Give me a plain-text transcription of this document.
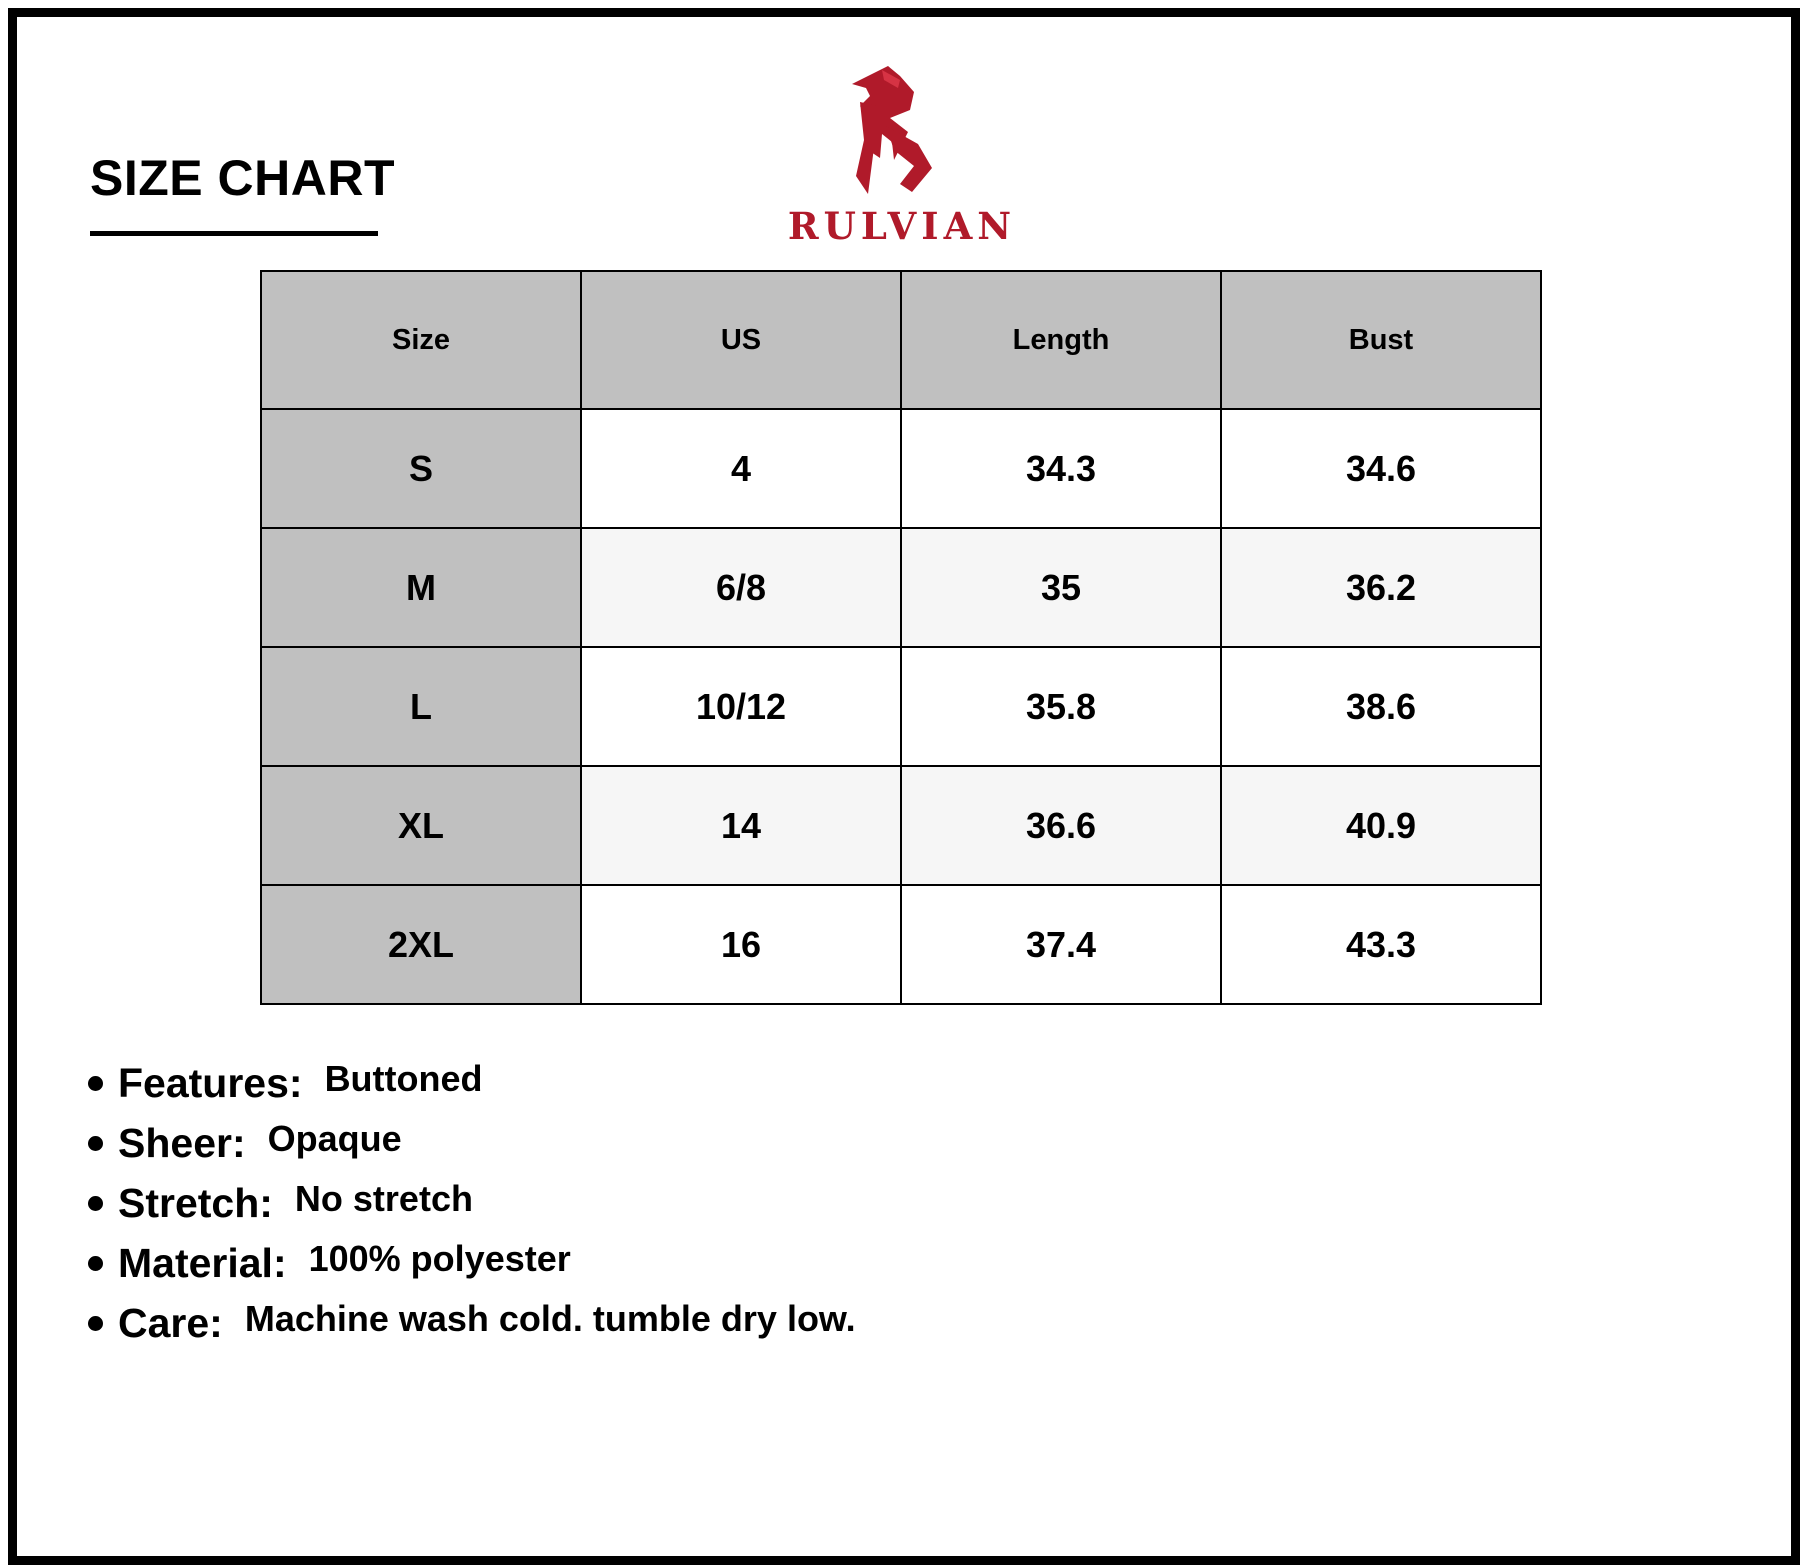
SIZE CHART
RULVIAN
Size	US	Length	Bust
S	4	34.3	34.6
M	6/8	35	36.2
L	10/12	35.8	38.6
XL	14	36.6	40.9
2XL	16	37.4	43.3
Features: Buttoned
Sheer: Opaque
Stretch: No stretch
Material: 100% polyester
Care: Machine wash cold. tumble dry low.
